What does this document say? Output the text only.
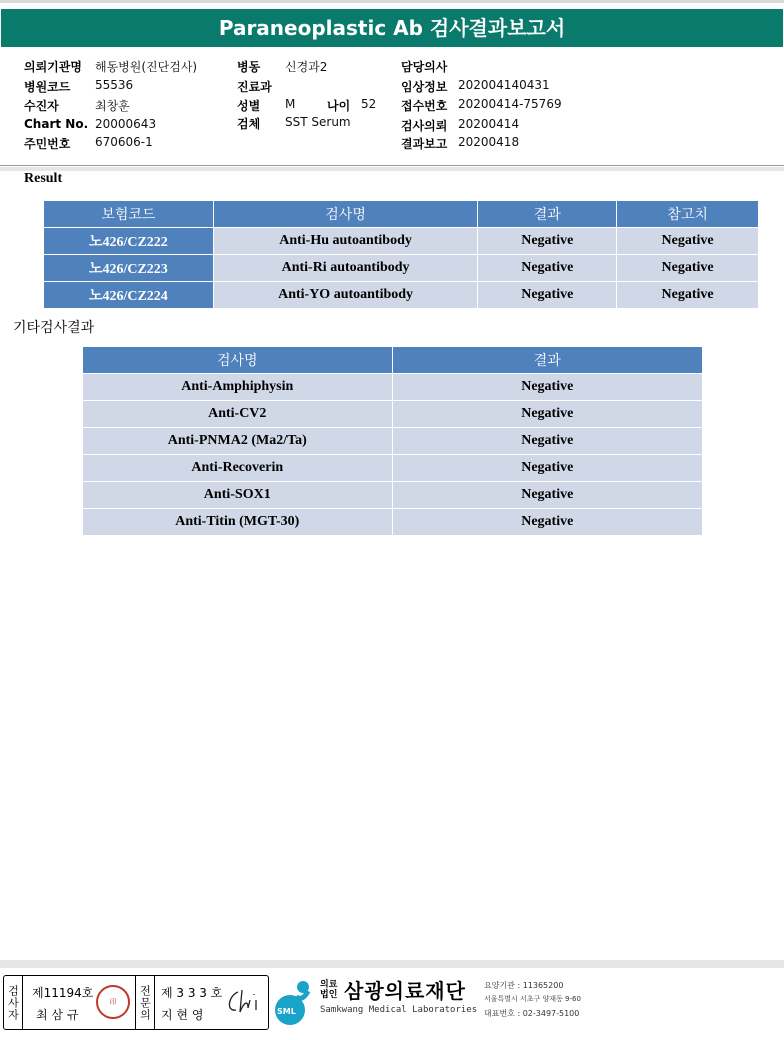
Paraneoplastic Ab 검사결과보고서
의뢰기관명 해동병원(진단검사)
병원코드 55536
수진자	최창훈
Chart No. 20000643
주민번호 670606-1
병동 신경과2
진료과
성별 M	나이 52
검체 SST Serum
담당의사
임상정보 202004140431
접수번호 20200414-75769
검사의뢰 20200414
결과보고 20200418
Result
보험코드	검사명	결과	참고치
노426/CZ222	Anti-Hu autoantibody	Negative	Negative
노426/CZ223	Anti-Ri autoantibody	Negative	Negative
노426/CZ224	Anti-YO autoantibody	Negative	Negative
기타검사결과
검사명	결과
Anti-Amphiphysin	Negative
Anti-CV2	Negative
Anti-PNMA2 (Ma2/Ta)	Negative
Anti-Recoverin	Negative
Anti-SOX1	Negative
Anti-Titin (MGT-30)	Negative
검사자 제11194호
최 삼 규
印	전문의 제 3 3 3 호
지 현 영	SML
의료법인 삼광의료재단
Samkwang Medical Laboratories
요양기관 : 11365200
서울특별시 서초구 양재동 9-60
대표번호 : 02-3497-5100
